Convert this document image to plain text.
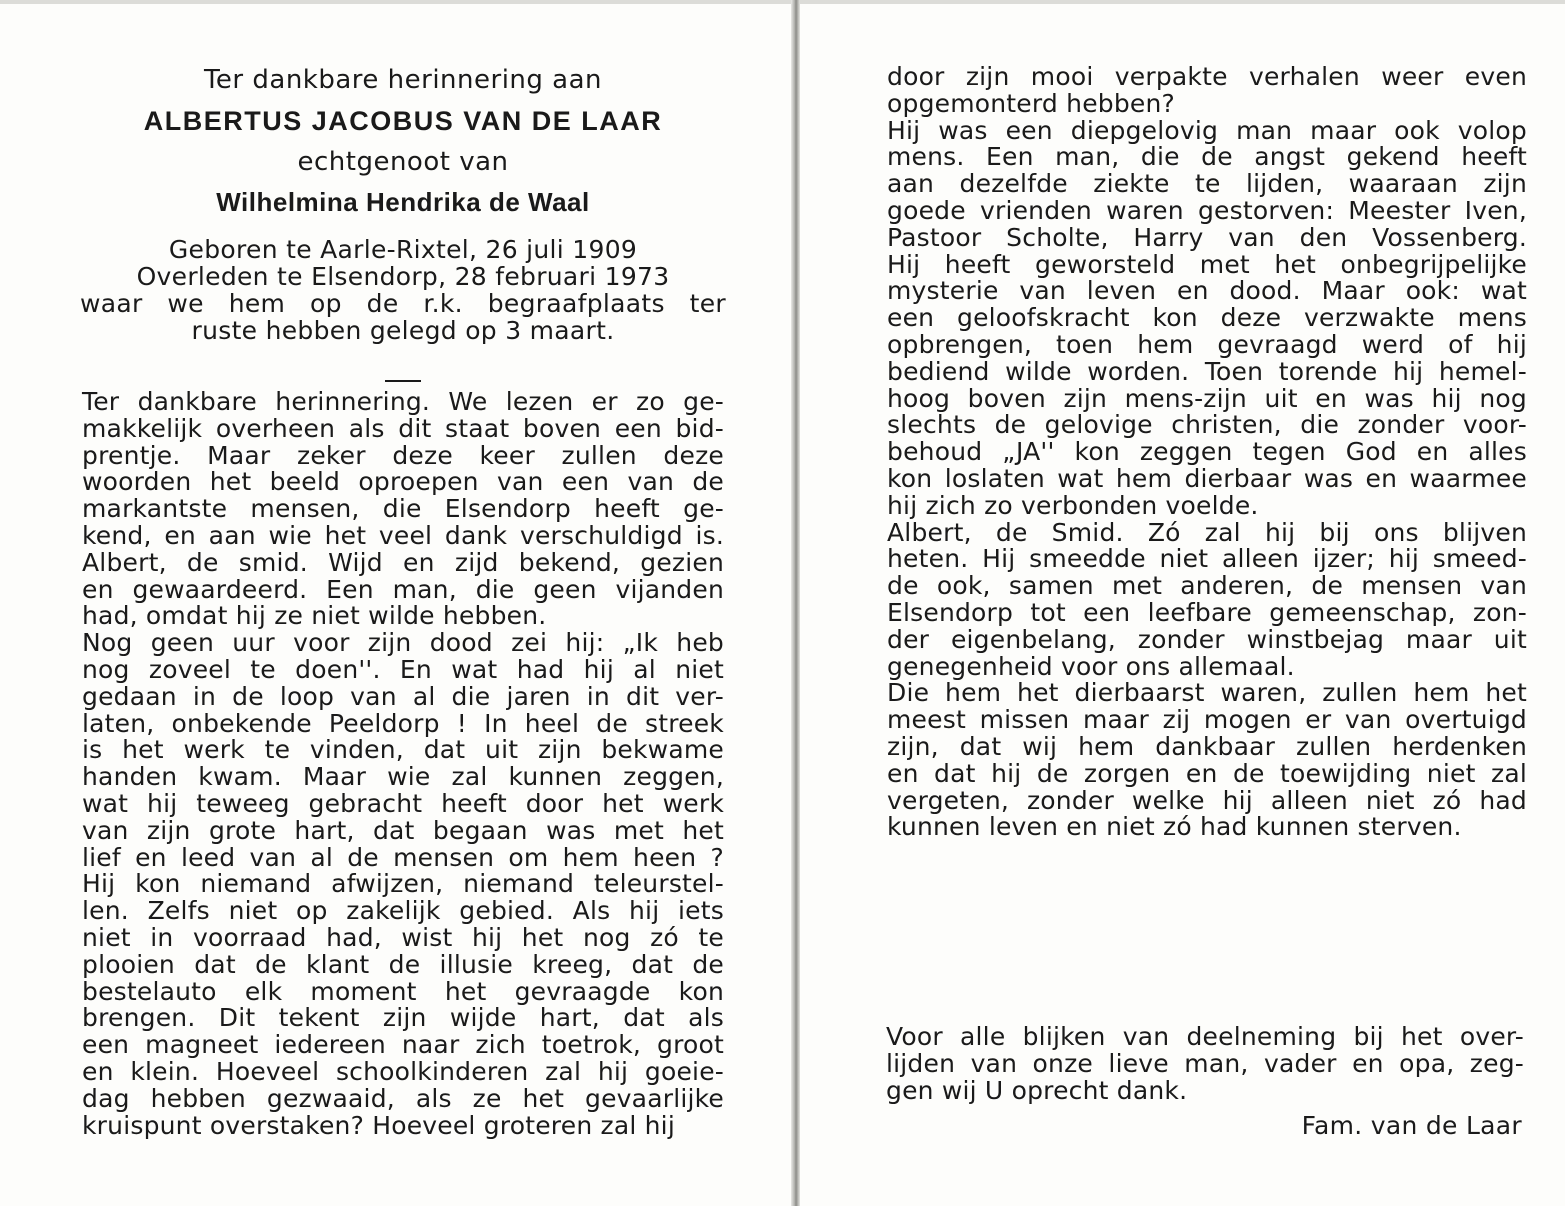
Ter dankbare herinnering aan
ALBERTUS JACOBUS VAN DE LAAR
echtgenoot van
Wilhelmina Hendrika de Waal
Geboren te Aarle-Rixtel, 26 juli 1909
Overleden te Elsendorp, 28 februari 1973
waar we hem op de r.k. begraafplaats ter
ruste hebben gelegd op 3 maart.
Ter dankbare herinnering. We lezen er zo ge-
makkelijk overheen als dit staat boven een bid-
prentje. Maar zeker deze keer zullen deze
woorden het beeld oproepen van een van de
markantste mensen, die Elsendorp heeft ge-
kend, en aan wie het veel dank verschuldigd is.
Albert, de smid. Wijd en zijd bekend, gezien
en gewaardeerd. Een man, die geen vijanden
had, omdat hij ze niet wilde hebben.
Nog geen uur voor zijn dood zei hij: „Ik heb
nog zoveel te doen''. En wat had hij al niet
gedaan in de loop van al die jaren in dit ver-
laten, onbekende Peeldorp ! In heel de streek
is het werk te vinden, dat uit zijn bekwame
handen kwam. Maar wie zal kunnen zeggen,
wat hij teweeg gebracht heeft door het werk
van zijn grote hart, dat begaan was met het
lief en leed van al de mensen om hem heen ?
Hij kon niemand afwijzen, niemand teleurstel-
len. Zelfs niet op zakelijk gebied. Als hij iets
niet in voorraad had, wist hij het nog zó te
plooien dat de klant de illusie kreeg, dat de
bestelauto elk moment het gevraagde kon
brengen. Dit tekent zijn wijde hart, dat als
een magneet iedereen naar zich toetrok, groot
en klein. Hoeveel schoolkinderen zal hij goeie-
dag hebben gezwaaid, als ze het gevaarlijke
kruispunt overstaken? Hoeveel groteren zal hij
door zijn mooi verpakte verhalen weer even
opgemonterd hebben?
Hij was een diepgelovig man maar ook volop
mens. Een man, die de angst gekend heeft
aan dezelfde ziekte te lijden, waaraan zijn
goede vrienden waren gestorven: Meester Iven,
Pastoor Scholte, Harry van den Vossenberg.
Hij heeft geworsteld met het onbegrijpelijke
mysterie van leven en dood. Maar ook: wat
een geloofskracht kon deze verzwakte mens
opbrengen, toen hem gevraagd werd of hij
bediend wilde worden. Toen torende hij hemel-
hoog boven zijn mens-zijn uit en was hij nog
slechts de gelovige christen, die zonder voor-
behoud „JA'' kon zeggen tegen God en alles
kon loslaten wat hem dierbaar was en waarmee
hij zich zo verbonden voelde.
Albert, de Smid. Zó zal hij bij ons blijven
heten. Hij smeedde niet alleen ijzer; hij smeed-
de ook, samen met anderen, de mensen van
Elsendorp tot een leefbare gemeenschap, zon-
der eigenbelang, zonder winstbejag maar uit
genegenheid voor ons allemaal.
Die hem het dierbaarst waren, zullen hem het
meest missen maar zij mogen er van overtuigd
zijn, dat wij hem dankbaar zullen herdenken
en dat hij de zorgen en de toewijding niet zal
vergeten, zonder welke hij alleen niet zó had
kunnen leven en niet zó had kunnen sterven.
Voor alle blijken van deelneming bij het over-
lijden van onze lieve man, vader en opa, zeg-
gen wij U oprecht dank.
Fam. van de Laar
